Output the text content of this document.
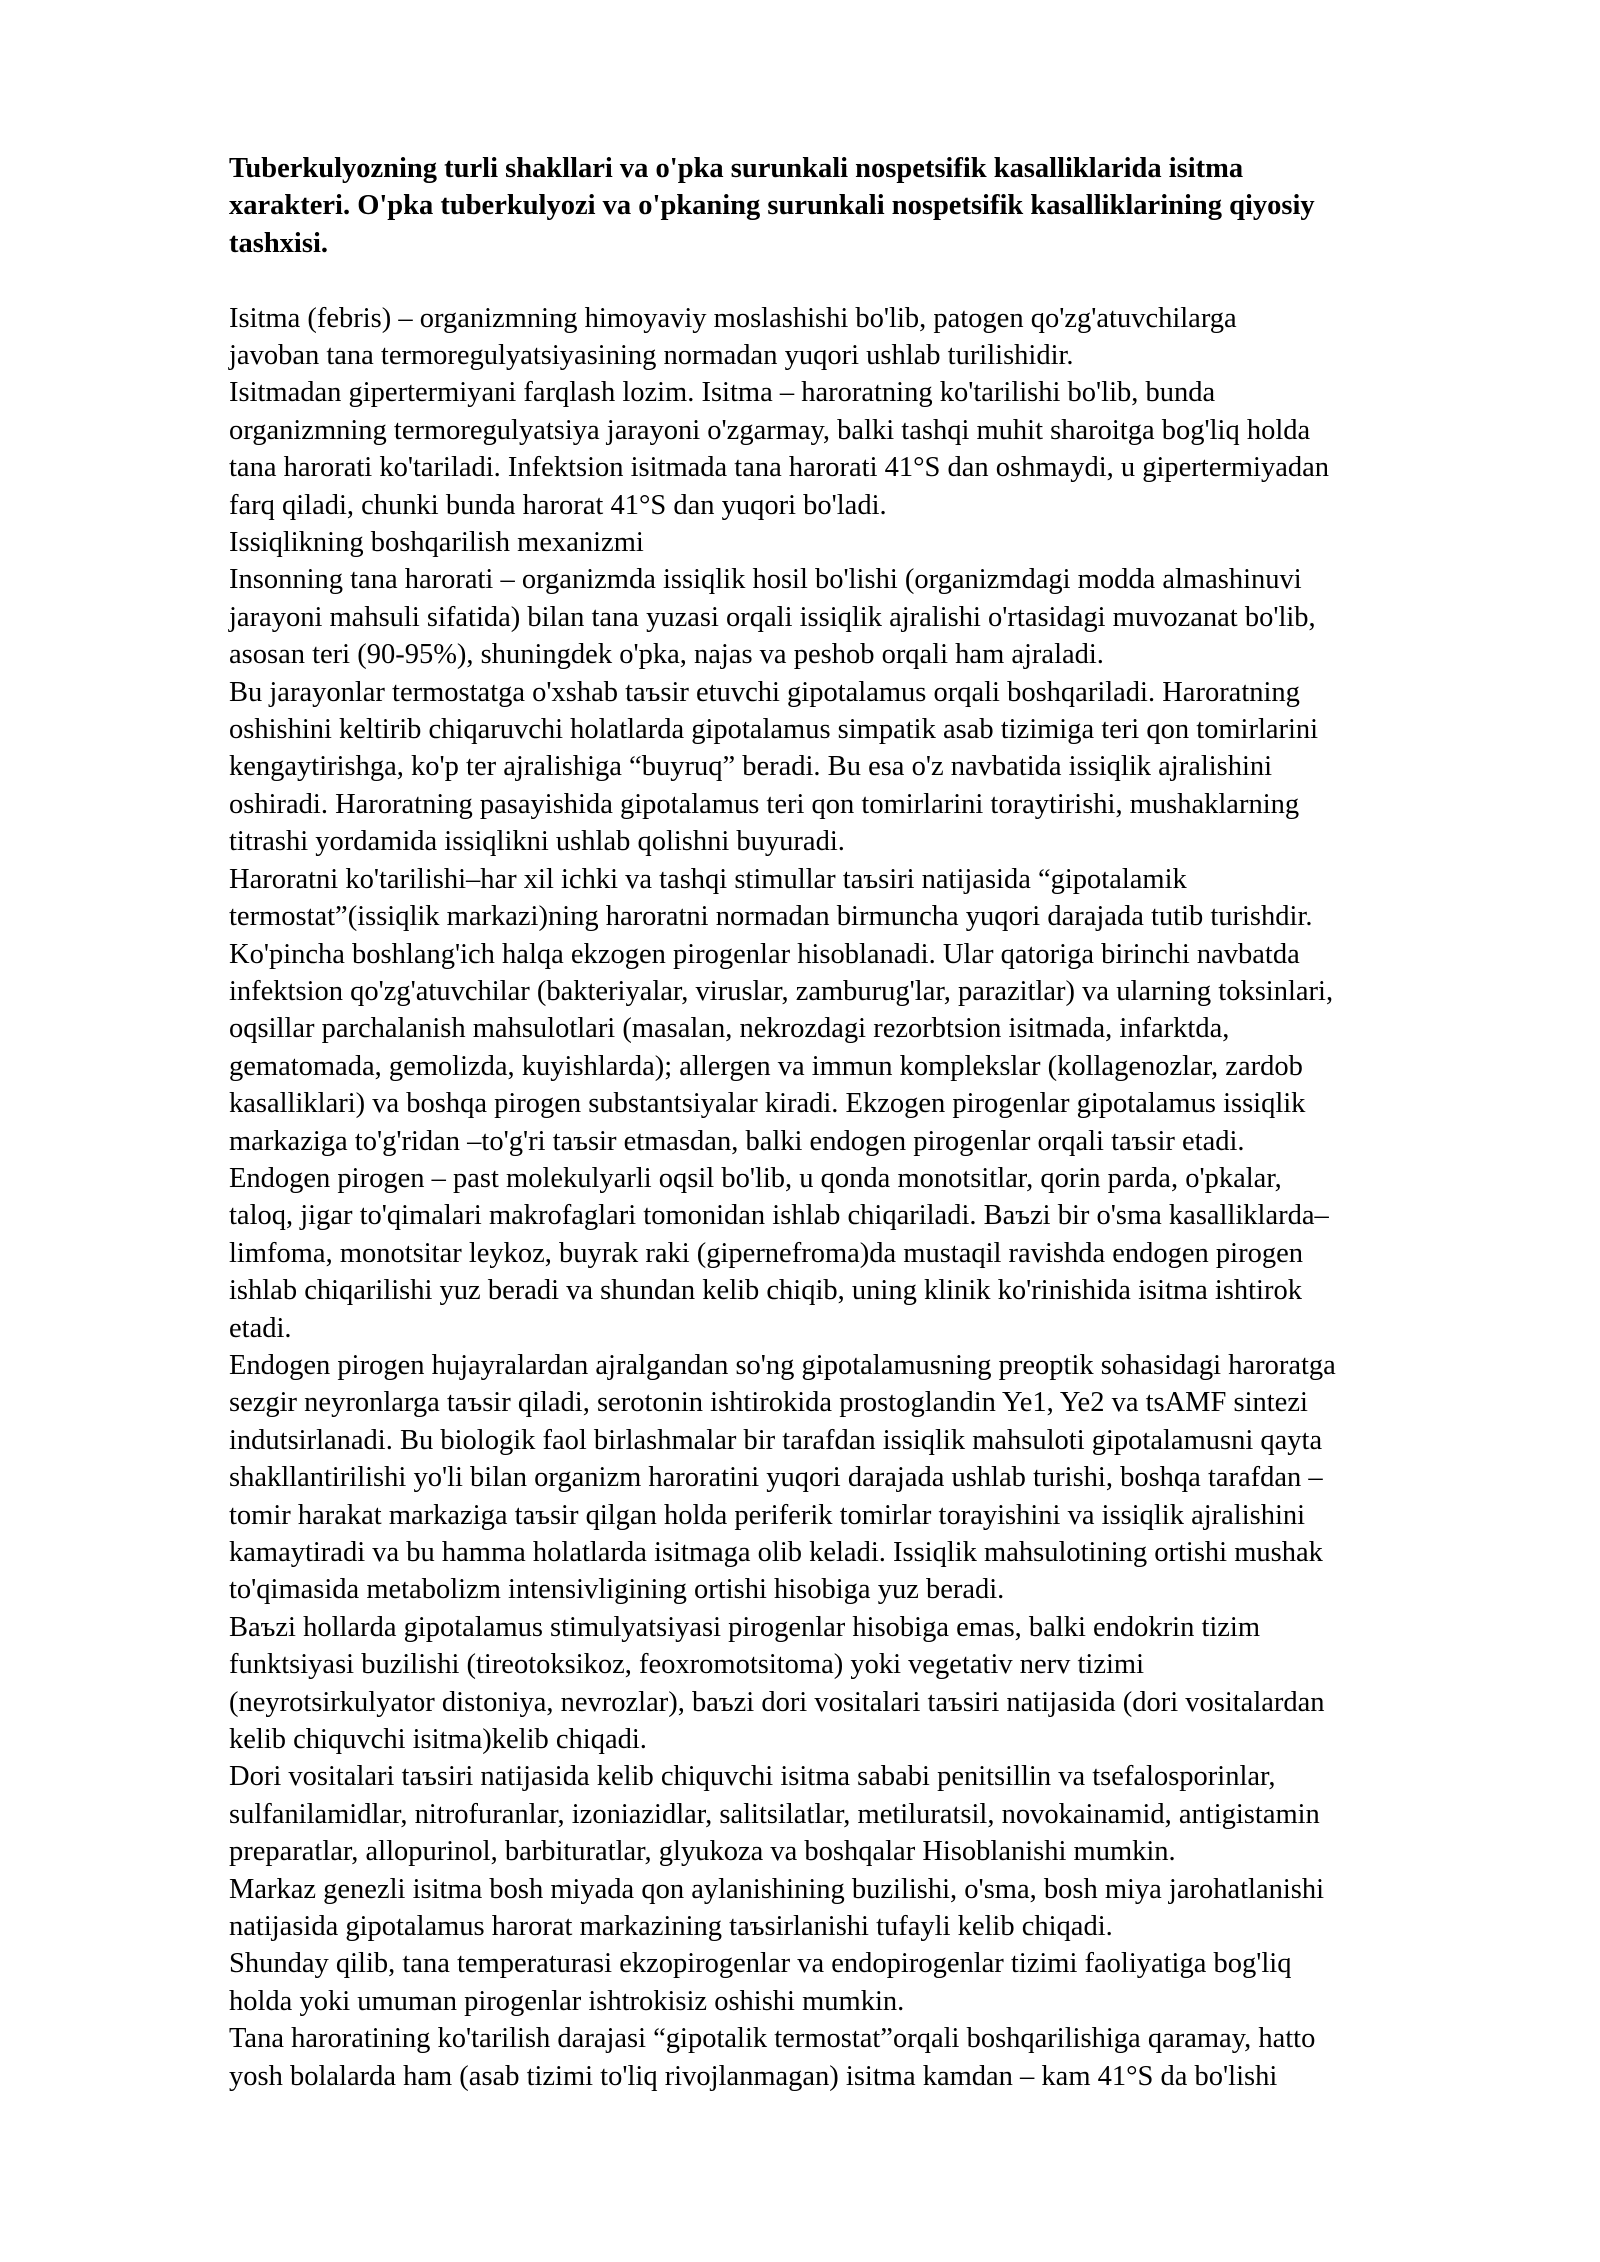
Tuberkulyozning turli shakllari va o'pka surunkali nospetsifik kasalliklarida isitma
xarakteri. O'pka tuberkulyozi va o'pkaning surunkali nospetsifik kasalliklarining qiyosiy
tashxisi.
Isitma (febris) – organizmning himoyaviy moslashishi bo'lib, patogen qo'zg'atuvchilarga
javoban tana termoregulyatsiyasining normadan yuqori ushlab turilishidir.
Isitmadan gipertermiyani farqlash lozim. Isitma – haroratning ko'tarilishi bo'lib, bunda
organizmning termoregulyatsiya jarayoni o'zgarmay, balki tashqi muhit sharoitga bog'liq holda
tana harorati ko'tariladi. Infektsion isitmada tana harorati 41°S dan oshmaydi, u gipertermiyadan
farq qiladi, chunki bunda harorat 41°S dan yuqori bo'ladi.
Issiqlikning boshqarilish mexanizmi
Insonning tana harorati – organizmda issiqlik hosil bo'lishi (organizmdagi modda almashinuvi
jarayoni mahsuli sifatida) bilan tana yuzasi orqali issiqlik ajralishi o'rtasidagi muvozanat bo'lib,
asosan teri (90-95%), shuningdek o'pka, najas va peshob orqali ham ajraladi.
Bu jarayonlar termostatga o'xshab taъsir etuvchi gipotalamus orqali boshqariladi. Haroratning
oshishini keltirib chiqaruvchi holatlarda gipotalamus simpatik asab tizimiga teri qon tomirlarini
kengaytirishga, ko'p ter ajralishiga “buyruq” beradi. Bu esa o'z navbatida issiqlik ajralishini
oshiradi. Haroratning pasayishida gipotalamus teri qon tomirlarini toraytirishi, mushaklarning
titrashi yordamida issiqlikni ushlab qolishni buyuradi.
Haroratni ko'tarilishi–har xil ichki va tashqi stimullar taъsiri natijasida “gipotalamik
termostat”(issiqlik markazi)ning haroratni normadan birmuncha yuqori darajada tutib turishdir.
Ko'pincha boshlang'ich halqa ekzogen pirogenlar hisoblanadi. Ular qatoriga birinchi navbatda
infektsion qo'zg'atuvchilar (bakteriyalar, viruslar, zamburug'lar, parazitlar) va ularning toksinlari,
oqsillar parchalanish mahsulotlari (masalan, nekrozdagi rezorbtsion isitmada, infarktda,
gematomada, gemolizda, kuyishlarda); allergen va immun komplekslar (kollagenozlar, zardob
kasalliklari) va boshqa pirogen substantsiyalar kiradi. Ekzogen pirogenlar gipotalamus issiqlik
markaziga to'g'ridan –to'g'ri taъsir etmasdan, balki endogen pirogenlar orqali taъsir etadi.
Endogen pirogen – past molekulyarli oqsil bo'lib, u qonda monotsitlar, qorin parda, o'pkalar,
taloq, jigar to'qimalari makrofaglari tomonidan ishlab chiqariladi. Baъzi bir o'sma kasalliklarda–
limfoma, monotsitar leykoz, buyrak raki (gipernefroma)da mustaqil ravishda endogen pirogen
ishlab chiqarilishi yuz beradi va shundan kelib chiqib, uning klinik ko'rinishida isitma ishtirok
etadi.
Endogen pirogen hujayralardan ajralgandan so'ng gipotalamusning preoptik sohasidagi haroratga
sezgir neyronlarga taъsir qiladi, serotonin ishtirokida prostoglandin Ye1, Ye2 va tsAMF sintezi
indutsirlanadi. Bu biologik faol birlashmalar bir tarafdan issiqlik mahsuloti gipotalamusni qayta
shakllantirilishi yo'li bilan organizm haroratini yuqori darajada ushlab turishi, boshqa tarafdan –
tomir harakat markaziga taъsir qilgan holda periferik tomirlar torayishini va issiqlik ajralishini
kamaytiradi va bu hamma holatlarda isitmaga olib keladi. Issiqlik mahsulotining ortishi mushak
to'qimasida metabolizm intensivligining ortishi hisobiga yuz beradi.
Baъzi hollarda gipotalamus stimulyatsiyasi pirogenlar hisobiga emas, balki endokrin tizim
funktsiyasi buzilishi (tireotoksikoz, feoxromotsitoma) yoki vegetativ nerv tizimi
(neyrotsirkulyator distoniya, nevrozlar), baъzi dori vositalari taъsiri natijasida (dori vositalardan
kelib chiquvchi isitma)kelib chiqadi.
Dori vositalari taъsiri natijasida kelib chiquvchi isitma sababi penitsillin va tsefalosporinlar,
sulfanilamidlar, nitrofuranlar, izoniazidlar, salitsilatlar, metiluratsil, novokainamid, antigistamin
preparatlar, allopurinol, barbituratlar, glyukoza va boshqalar Hisoblanishi mumkin.
Markaz genezli isitma bosh miyada qon aylanishining buzilishi, o'sma, bosh miya jarohatlanishi
natijasida gipotalamus harorat markazining taъsirlanishi tufayli kelib chiqadi.
Shunday qilib, tana temperaturasi ekzopirogenlar va endopirogenlar tizimi faoliyatiga bog'liq
holda yoki umuman pirogenlar ishtrokisiz oshishi mumkin.
Tana haroratining ko'tarilish darajasi “gipotalik termostat”orqali boshqarilishiga qaramay, hatto
yosh bolalarda ham (asab tizimi to'liq rivojlanmagan) isitma kamdan – kam 41°S da bo'lishi
